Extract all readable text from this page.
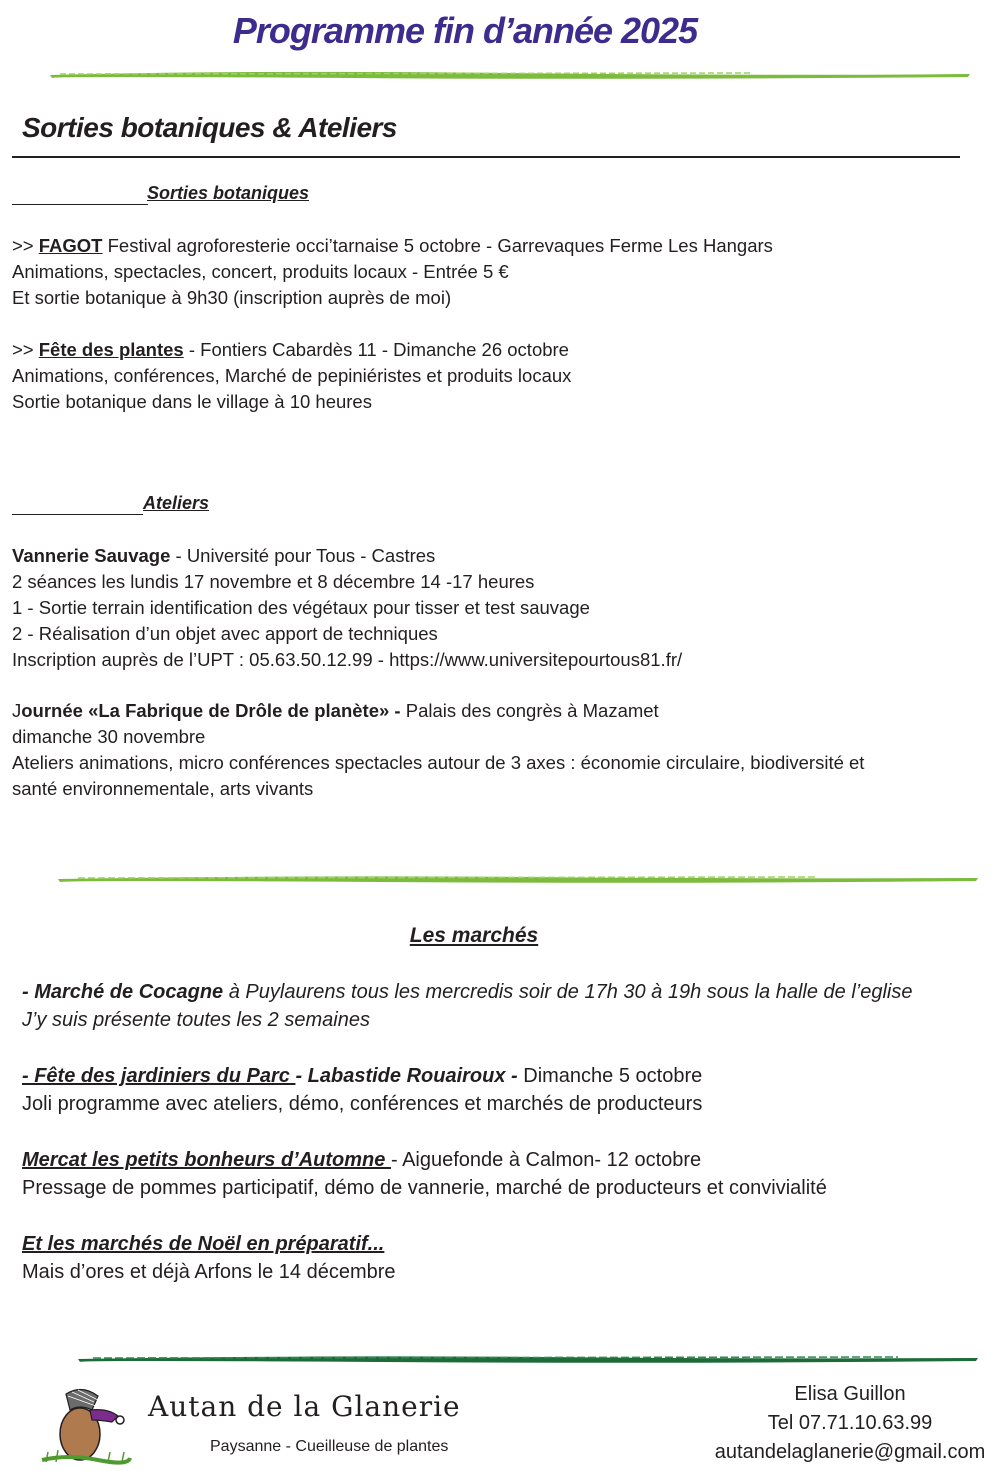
Programme fin d’année 2025
Sorties botaniques & Ateliers
Sorties botaniques
>> FAGOT Festival agroforesterie occi’tarnaise 5 octobre - Garrevaques Ferme Les Hangars
Animations, spectacles, concert, produits locaux - Entrée 5 €
Et sortie botanique à 9h30 (inscription auprès de moi)
>> Fête des plantes - Fontiers Cabardès 11 - Dimanche 26 octobre
Animations, conférences, Marché de pepiniéristes et produits locaux
Sortie botanique dans le village à 10 heures
Ateliers
Vannerie Sauvage - Université pour Tous - Castres
2 séances les lundis 17 novembre et 8 décembre 14 -17 heures
1 - Sortie terrain identification des végétaux pour tisser et test sauvage
2 - Réalisation d’un objet avec apport de techniques
Inscription auprès de l’UPT : 05.63.50.12.99 - https://www.universitepourtous81.fr/
Journée «La Fabrique de Drôle de planète» - Palais des congrès à Mazamet
dimanche 30 novembre
Ateliers animations, micro conférences spectacles autour de 3 axes : économie circulaire, biodiversité et
santé environnementale, arts vivants
Les marchés
- Marché de Cocagne à Puylaurens tous les mercredis soir de 17h 30 à 19h sous la halle de l’eglise
J’y suis présente toutes les 2 semaines
- Fête des jardiniers du Parc - Labastide Rouairoux - Dimanche 5 octobre
Joli programme avec ateliers, démo, conférences et marchés de producteurs
Mercat les petits bonheurs d’Automne - Aiguefonde à Calmon- 12 octobre
Pressage de pommes participatif, démo de vannerie, marché de producteurs et convivialité
Et les marchés de Noël en préparatif...
Mais d’ores et déjà Arfons le 14 décembre
Autan de la Glanerie
Paysanne - Cueilleuse de plantes
Elisa Guillon
Tel 07.71.10.63.99
autandelaglanerie@gmail.com
